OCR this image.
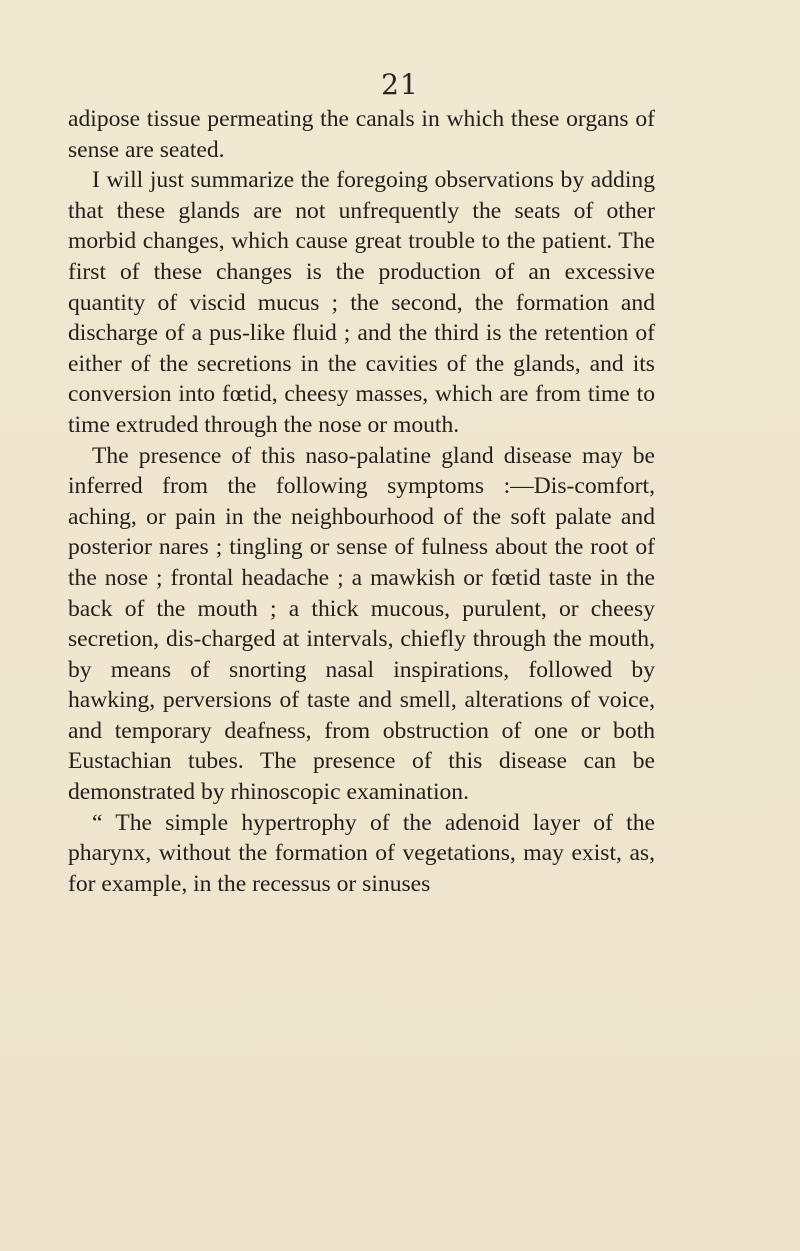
21

adipose tissue permeating the canals in which these organs of sense are seated.

I will just summarize the foregoing observations by adding that these glands are not unfrequently the seats of other morbid changes, which cause great trouble to the patient. The first of these changes is the production of an excessive quantity of viscid mucus ; the second, the formation and discharge of a pus-like fluid ; and the third is the retention of either of the secretions in the cavities of the glands, and its conversion into fœtid, cheesy masses, which are from time to time extruded through the nose or mouth.

The presence of this naso-palatine gland disease may be inferred from the following symptoms :—Dis-comfort, aching, or pain in the neighbourhood of the soft palate and posterior nares ; tingling or sense of fulness about the root of the nose ; frontal headache ; a mawkish or fœtid taste in the back of the mouth ; a thick mucous, purulent, or cheesy secretion, dis-charged at intervals, chiefly through the mouth, by means of snorting nasal inspirations, followed by hawking, perversions of taste and smell, alterations of voice, and temporary deafness, from obstruction of one or both Eustachian tubes. The presence of this disease can be demonstrated by rhinoscopic examination.

“ The simple hypertrophy of the adenoid layer of the pharynx, without the formation of vegetations, may exist, as, for example, in the recessus or sinuses
